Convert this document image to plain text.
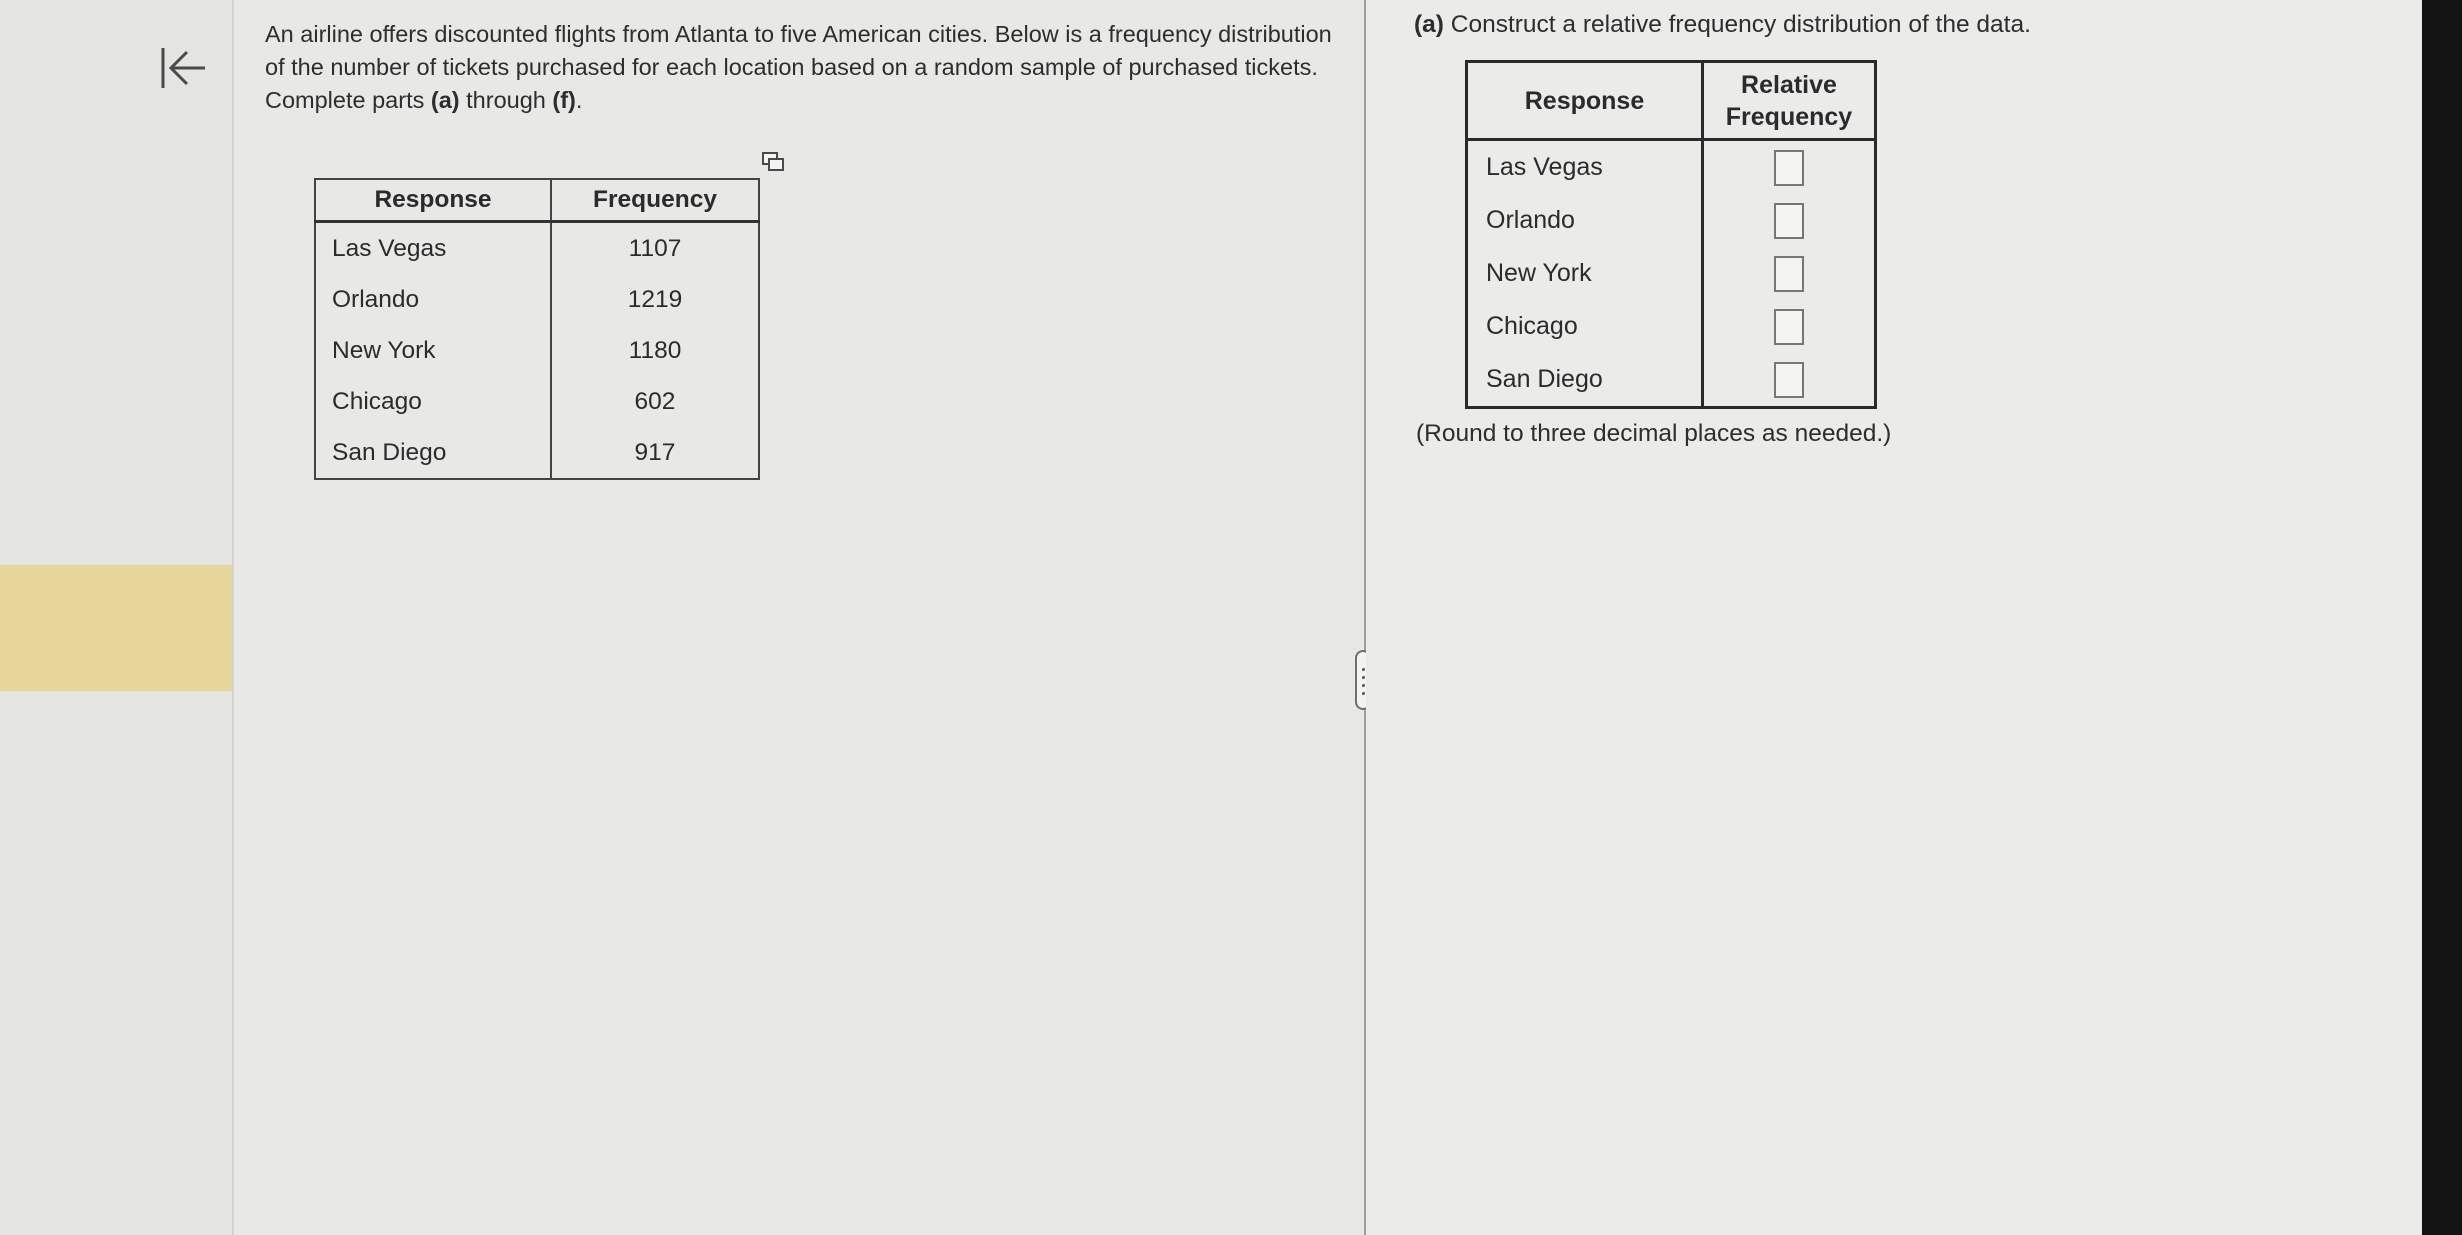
An airline offers discounted flights from Atlanta to five American cities. Below is a frequency distribution of the number of tickets purchased for each location based on a random sample of purchased tickets. Complete parts (a) through (f).
Response	Frequency
Las Vegas	1107
Orlando	1219
New York	1180
Chicago	602
San Diego	917
(a) Construct a relative frequency distribution of the data.
Response	Relative
Frequency
Las Vegas	
Orlando	
New York	
Chicago	
San Diego	
(Round to three decimal places as needed.)
